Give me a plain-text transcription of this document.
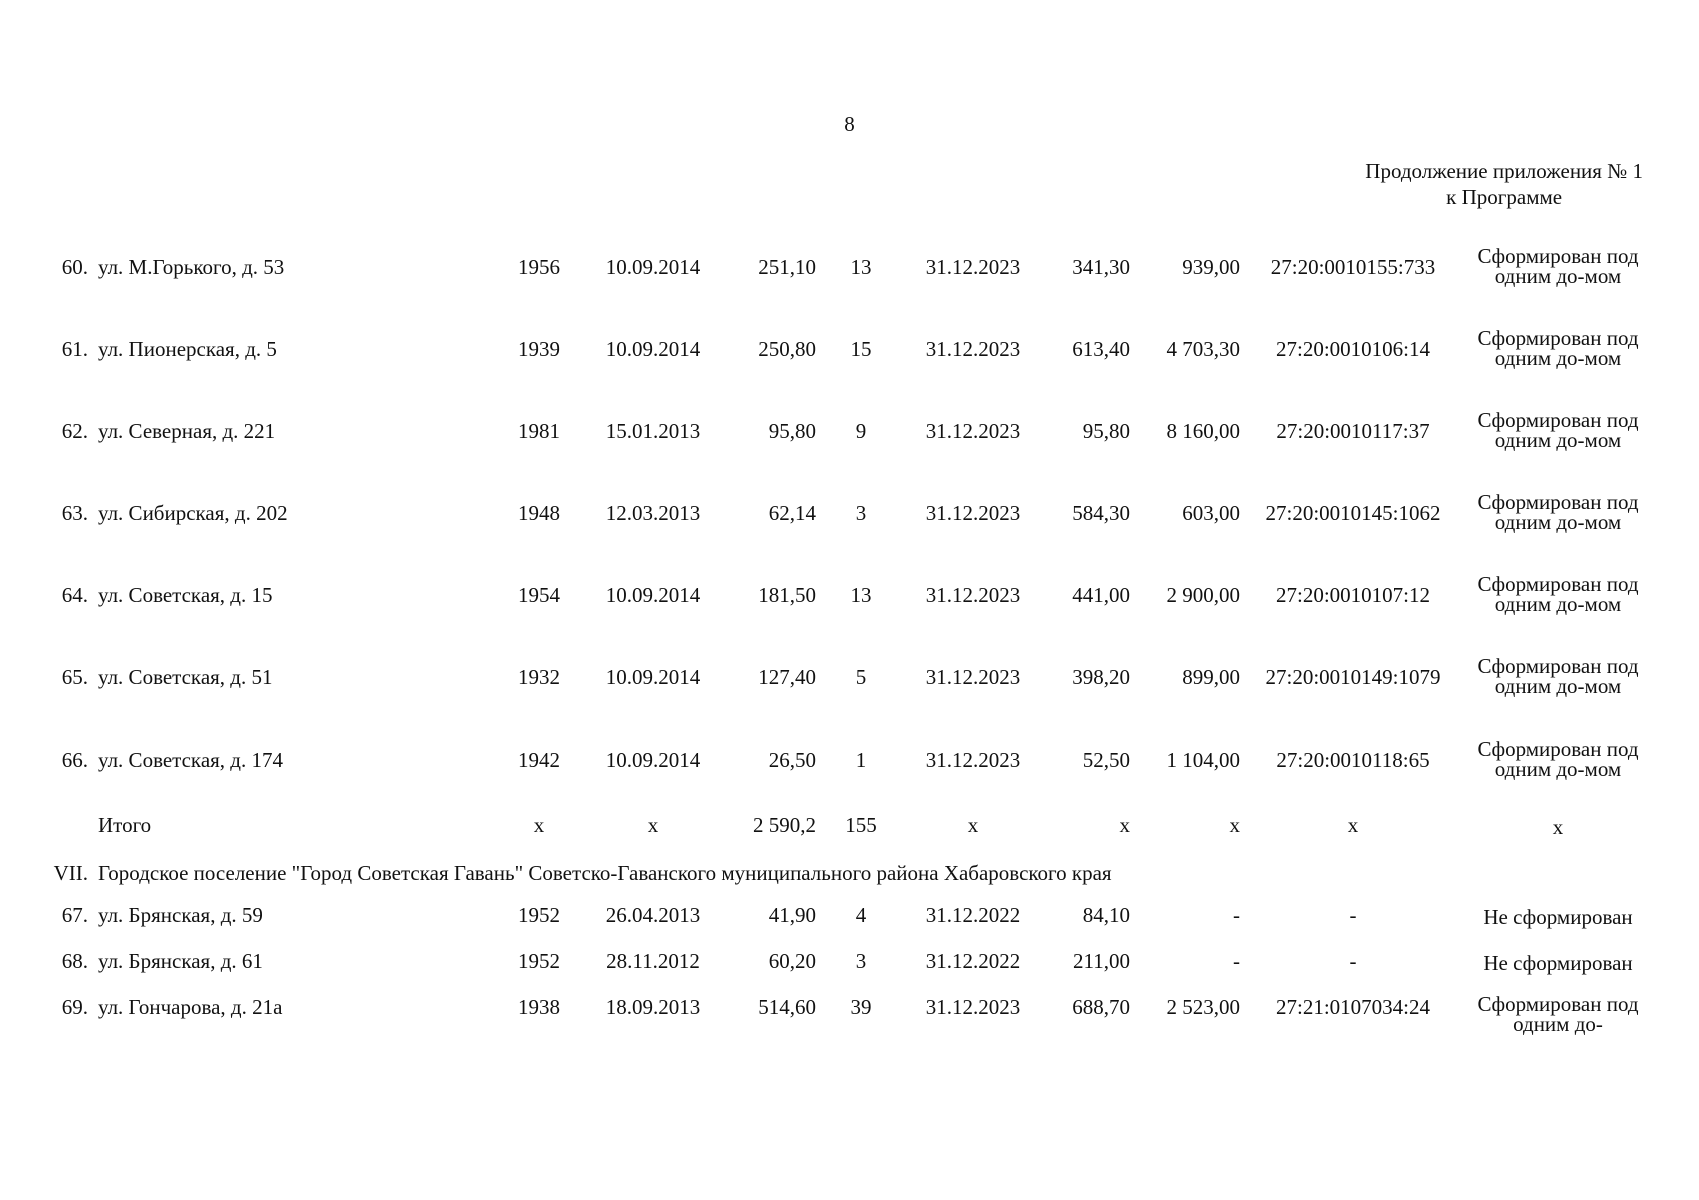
8
Продолжение приложения № 1
к Программе
60. ул. М.Горького, д. 53	1956	10.09.2014	251,10	13	31.12.2023	341,30	939,00	27:20:0010155:733	Сформирован под одним до-мом
61. ул. Пионерская, д. 5	1939	10.09.2014	250,80	15	31.12.2023	613,40	4 703,30	27:20:0010106:14	Сформирован под одним до-мом
62. ул. Северная, д. 221	1981	15.01.2013	95,80	9	31.12.2023	95,80	8 160,00	27:20:0010117:37	Сформирован под одним до-мом
63. ул. Сибирская, д. 202	1948	12.03.2013	62,14	3	31.12.2023	584,30	603,00	27:20:0010145:1062	Сформирован под одним до-мом
64. ул. Советская, д. 15	1954	10.09.2014	181,50	13	31.12.2023	441,00	2 900,00	27:20:0010107:12	Сформирован под одним до-мом
65. ул. Советская, д. 51	1932	10.09.2014	127,40	5	31.12.2023	398,20	899,00	27:20:0010149:1079	Сформирован под одним до-мом
66. ул. Советская, д. 174	1942	10.09.2014	26,50	1	31.12.2023	52,50	1 104,00	27:20:0010118:65	Сформирован под одним до-мом
Итого	х	х	2 590,2	155	х	х	х	х	х
VII. Городское поселение "Город Советская Гавань" Советско-Гаванского муниципального района Хабаровского края
67. ул. Брянская, д. 59	1952	26.04.2013	41,90	4	31.12.2022	84,10	-	-	Не сформирован
68. ул. Брянская, д. 61	1952	28.11.2012	60,20	3	31.12.2022	211,00	-	-	Не сформирован
69. ул. Гончарова, д. 21а	1938	18.09.2013	514,60	39	31.12.2023	688,70	2 523,00	27:21:0107034:24	Сформирован под одним до-
